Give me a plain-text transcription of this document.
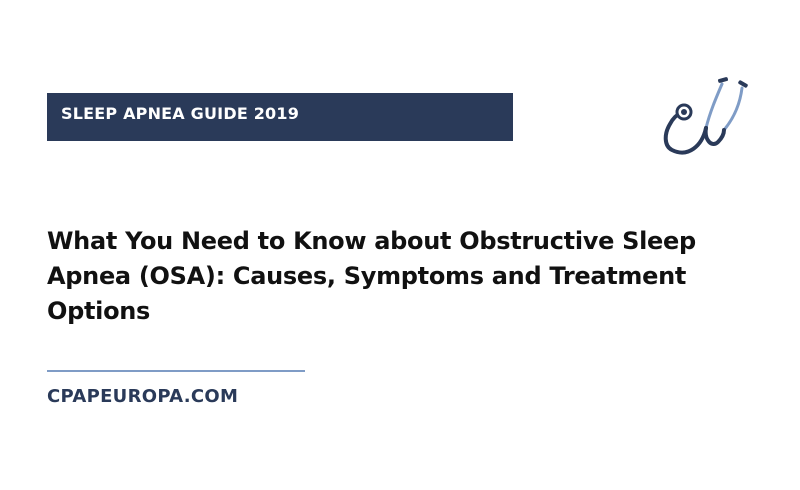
SLEEP APNEA GUIDE 2019
What You Need to Know about Obstructive Sleep Apnea (OSA): Causes, Symptoms and Treatment Options
CPAPEUROPA.COM
